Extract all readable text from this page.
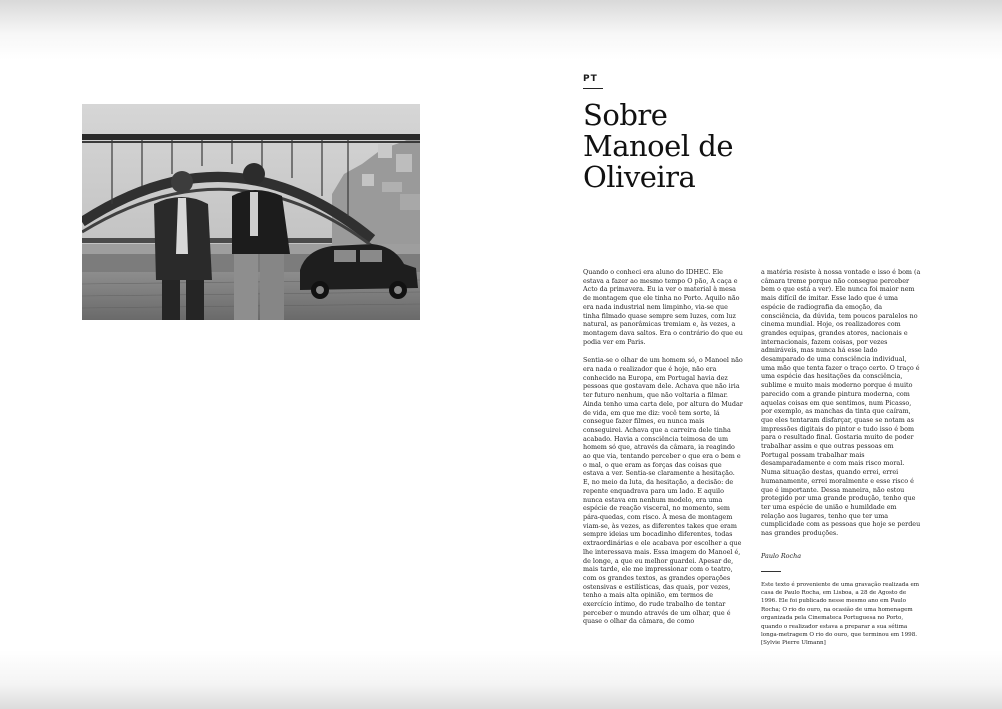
PT
Sobre Manoel de Oliveira

Quando o conheci era aluno do IDHEC. Ele estava a fazer ao mesmo tempo O pão, A caça e Acto da primavera. Eu ia ver o material à mesa de montagem que ele tinha no Porto. Aquilo não era nada industrial nem limpinho, via-se que tinha filmado quase sempre sem luzes, com luz natural, as panorâmicas tremiam e, às vezes, a montagem dava saltos. Era o contrário do que eu podia ver em Paris.

Sentia-se o olhar de um homem só, o Manoel não era nada o realizador que é hoje, não era conhecido na Europa, em Portugal havia dez pessoas que gostavam dele. Achava que não iria ter futuro nenhum, que não voltaria a filmar. Ainda tenho uma carta dele, por altura do Mudar de vida, em que me diz: você tem sorte, lá consegue fazer filmes, eu nunca mais conseguirei. Achava que a carreira dele tinha acabado. Havia a consciência teimosa de um homem só que, através da câmara, ia reagindo ao que via, tentando perceber o que era o bem e o mal, o que eram as forças das coisas que estava a ver. Sentia-se claramente a hesitação. E, no meio da luta, da hesitação, a decisão: de repente enquadrava para um lado. E aquilo nunca estava em nenhum modelo, era uma espécie de reação visceral, no momento, sem pára-quedas, com risco. À mesa de montagem viam-se, às vezes, as diferentes takes que eram sempre ideias um bocadinho diferentes, todas extraordinárias e ele acabava por escolher a que lhe interessava mais. Essa imagem do Manoel é, de longe, a que eu melhor guardei. Apesar de, mais tarde, ele me impressionar com o teatro, com os grandes textos, as grandes operações ostensivas e estilísticas, das quais, por vezes, tenho a mais alta opinião, em termos de exercício íntimo, do rude trabalho de tentar perceber o mundo através de um olhar, que é quase o olhar da câmara, de como

a matéria resiste à nossa vontade e isso é bom (a câmara treme porque não consegue perceber bem o que está a ver). Ele nunca foi maior nem mais difícil de imitar. Esse lado que é uma espécie de radiografia da emoção, da consciência, da dúvida, tem poucos paralelos no cinema mundial. Hoje, os realizadores com grandes equipas, grandes atores, nacionais e internacionais, fazem coisas, por vezes admiráveis, mas nunca há esse lado desamparado de uma consciência individual, uma mão que tenta fazer o traço certo. O traço é uma espécie das hesitações da consciência, sublime e muito mais moderno porque é muito parecido com a grande pintura moderna, com aquelas coisas em que sentimos, num Picasso, por exemplo, as manchas da tinta que caíram, que eles tentaram disfarçar, quase se notam as impressões digitais do pintor e tudo isso é bom para o resultado final. Gostaria muito de poder trabalhar assim e que outras pessoas em Portugal possam trabalhar mais desamparadamente e com mais risco moral. Numa situação destas, quando errei, errei humanamente, errei moralmente e esse risco é que é importante. Dessa maneira, não estou protegido por uma grande produção, tenho que ter uma espécie de união e humildade em relação aos lugares, tenho que ter uma cumplicidade com as pessoas que hoje se perdeu nas grandes produções.

Paulo Rocha

Este texto é proveniente de uma gravação realizada em casa de Paulo Rocha, em Lisboa, a 28 de Agosto de 1996. Ele foi publicado nesse mesmo ano em Paulo Rocha; O rio do ouro, na ocasião de uma homenagem organizada pela Cinemateca Portuguesa no Porto, quando o realizador estava a preparar a sua sétima longa-metragem O rio do ouro, que terminou em 1998. [Sylvie Pierre Ulmann]
